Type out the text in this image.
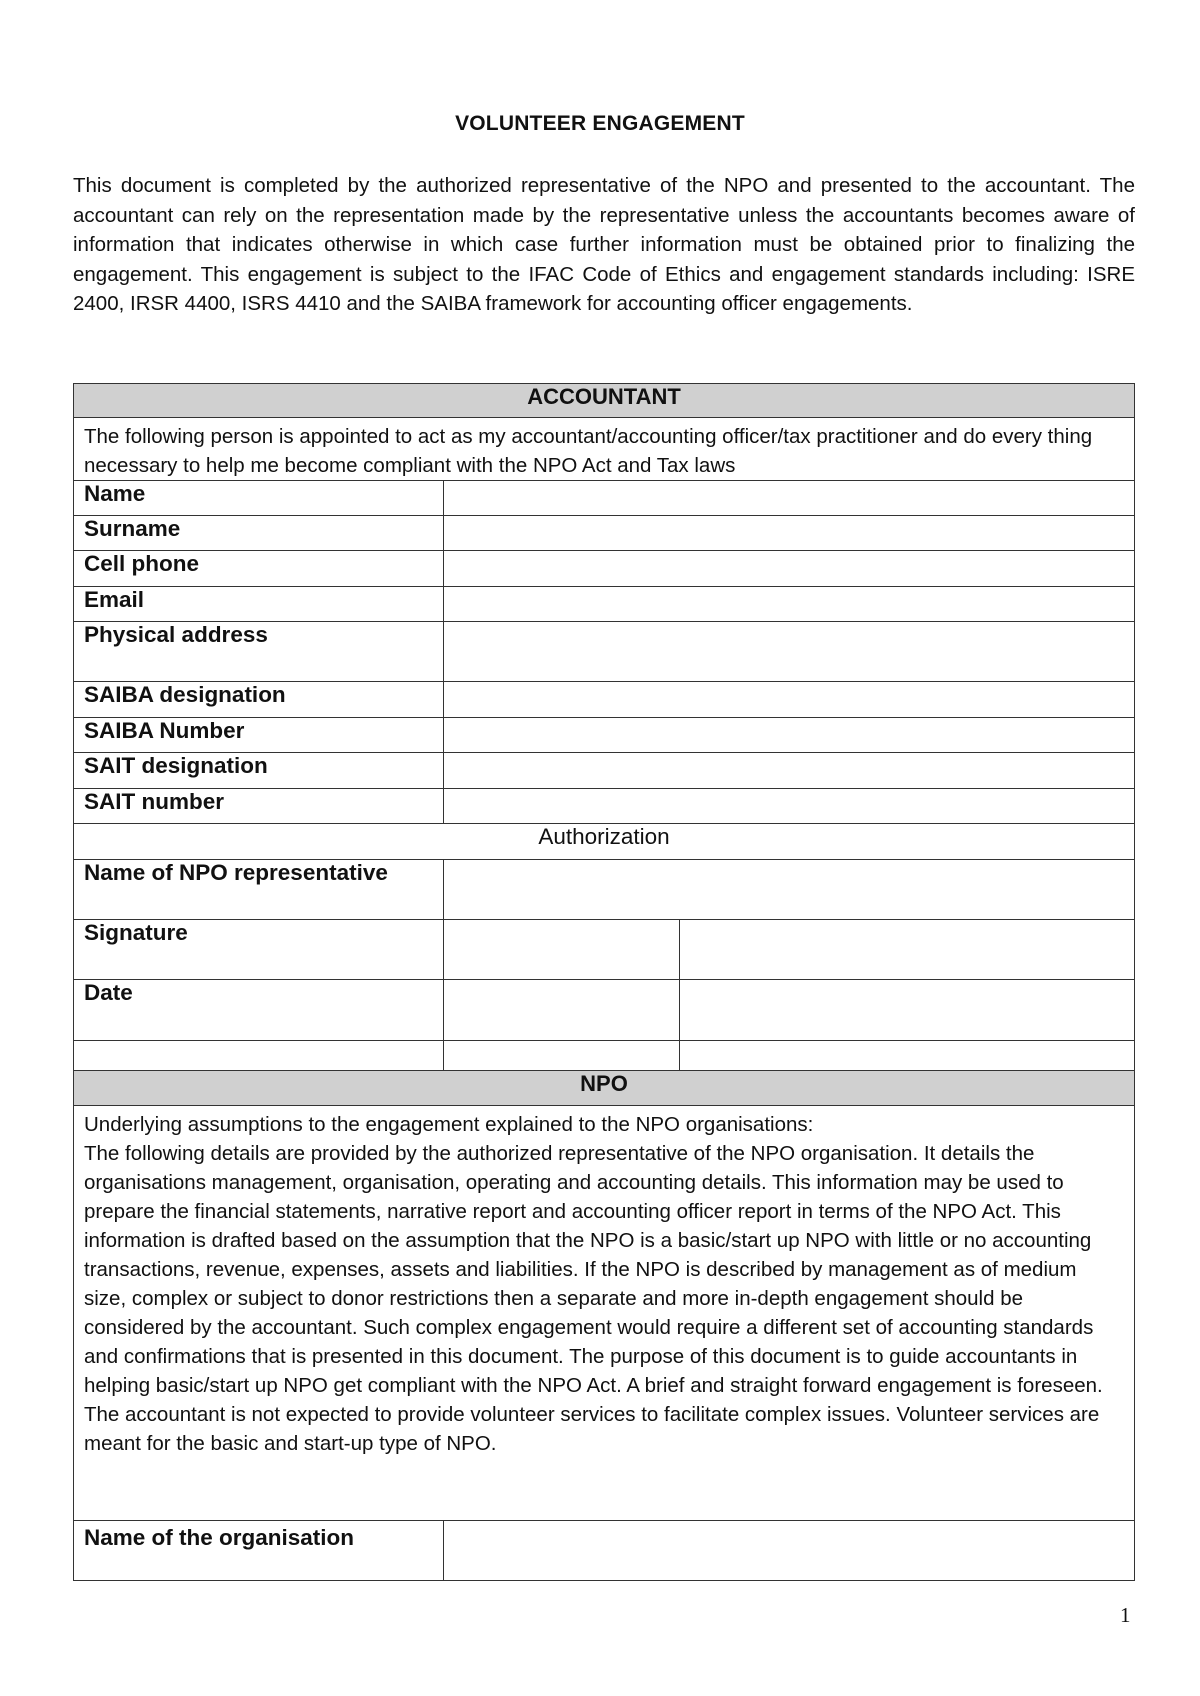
VOLUNTEER ENGAGEMENT
This document is completed by the authorized representative of the NPO and presented to the accountant. The accountant can rely on the representation made by the representative unless the accountants becomes aware of information that indicates otherwise in which case further information must be obtained prior to finalizing the engagement. This engagement is subject to the IFAC Code of Ethics and engagement standards including: ISRE 2400, IRSR 4400, ISRS 4410 and the SAIBA framework for accounting officer engagements.
ACCOUNTANT		
The following person is appointed to act as my accountant/accounting officer/tax practitioner and do every thing necessary to help me become compliant with the NPO Act and Tax laws		
Name		
Surname		
Cell phone		
Email		
Physical address		
SAIBA designation		
SAIBA Number		
SAIT designation		
SAIT number		
Authorization		
Name of NPO representative		
Signature		
Date		

NPO		

Underlying assumptions to the engagement explained to the NPO organisations:
The following details are provided by the authorized representative of the NPO organisation. It details the organisations management, organisation, operating and accounting details. This information may be used to prepare the financial statements, narrative report and accounting officer report in terms of the NPO Act. This information is drafted based on the assumption that the NPO is a basic/start up NPO with little or no accounting transactions, revenue, expenses, assets and liabilities. If the NPO is described by management as of medium size, complex or subject to donor restrictions then a separate and more in-depth engagement should be considered by the accountant. Such complex engagement would require a different set of accounting standards and confirmations that is presented in this document. The purpose of this document is to guide accountants in helping basic/start up NPO get compliant with the NPO Act. A brief and straight forward engagement is foreseen. The accountant is not expected to provide volunteer services to facilitate complex issues. Volunteer services are meant for the basic and start-up type of NPO.		

Name of the organisation		
1
